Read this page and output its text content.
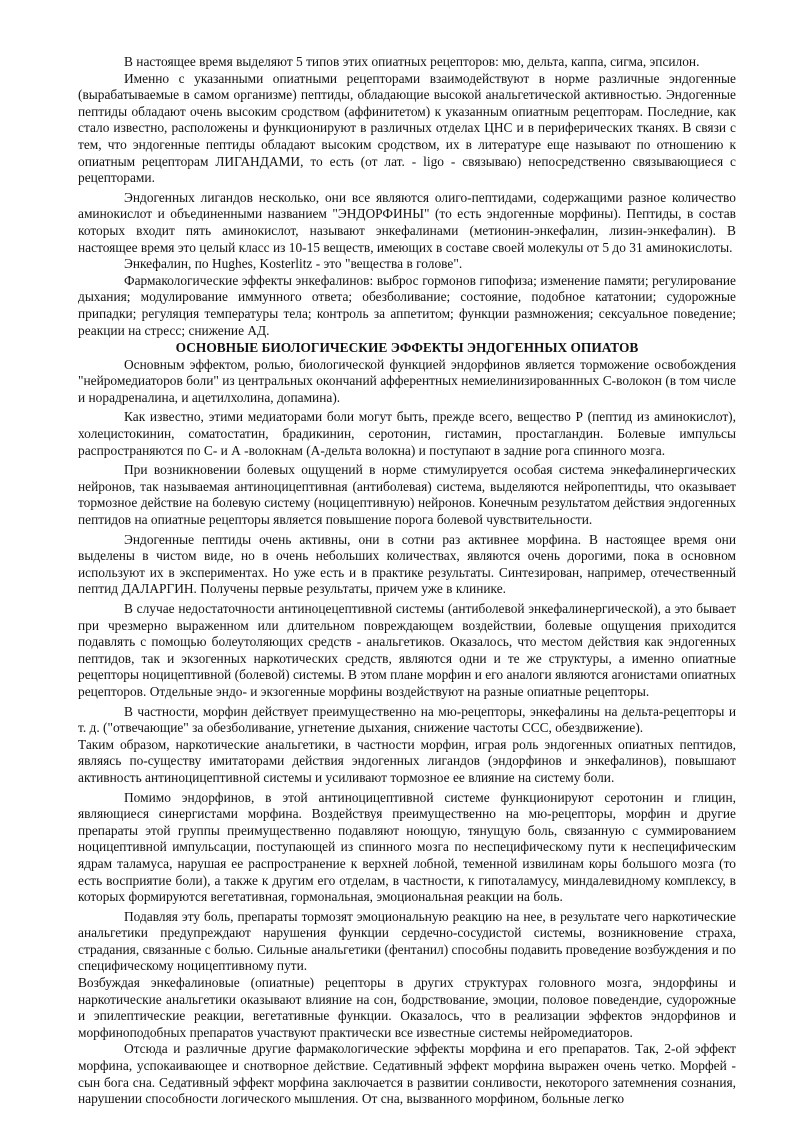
В настоящее время выделяют 5 типов этих опиатных рецепторов: мю, дельта, каппа, сигма, эпсилон.

Именно с указанными опиатными рецепторами взаимодействуют в норме различные эндогенные (вырабатываемые в самом организме) пептиды, обладающие высокой анальгетической активностью. Эндогенные пептиды обладают очень высоким сродством (аффинитетом) к указанным опиатным рецепторам. Последние, как стало известно, расположены и функционируют в различных отделах ЦНС и в периферических тканях. В связи с тем, что эндогенные пептиды обладают высоким сродством, их в литературе еще называют по отношению к опиатным рецепторам ЛИГАНДАМИ, то есть (от лат. - ligo - связываю) непосредственно связывающиеся с рецепторами.

Эндогенных лигандов несколько, они все являются олиго-пептидами, содержащими разное количество аминокислот и объединенными названием "ЭНДОРФИНЫ" (то есть эндогенные морфины). Пептиды, в состав которых входит пять аминокислот, называют энкефалинами (метионин-энкефалин, лизин-энкефалин). В настоящее время это целый класс из 10-15 веществ, имеющих в составе своей молекулы от 5 до 31 аминокислоты.

Энкефалин, по Hughes, Kosterlitz - это "вещества в голове".

Фармакологические эффекты энкефалинов: выброс гормонов гипофиза; изменение памяти; регулирование дыхания; модулирование иммунного ответа; обезболивание; состояние, подобное кататонии; судорожные припадки; регуляция температуры тела; контроль за аппетитом; функции размножения; сексуальное поведение; реакции на стресс; снижение АД.

ОСНОВНЫЕ БИОЛОГИЧЕСКИЕ ЭФФЕКТЫ ЭНДОГЕННЫХ ОПИАТОВ

Основным эффектом, ролью, биологической функцией эндорфинов является торможение освобождения "нейромедиаторов боли" из центральных окончаний афферентных немиелинизированнных С-волокон (в том числе и норадреналина, и ацетилхолина, допамина).

Как известно, этими медиаторами боли могут быть, прежде всего, вещество Р (пептид из аминокислот), холецистокинин, соматостатин, брадикинин, серотонин, гистамин, простагландин. Болевые импульсы распространяются по С- и А -волокнам (А-дельта волокна) и поступают в задние рога спинного мозга.

При возникновении болевых ощущений в норме стимулируется особая система энкефалинергических нейронов, так называемая антиноцицептивная (антиболевая) система, выделяются нейропептиды, что оказывает тормозное действие на болевую систему (ноцицептивную) нейронов. Конечным результатом действия эндогенных пептидов на опиатные рецепторы является повышение порога болевой чувствительности.

Эндогенные пептиды очень активны, они в сотни раз активнее морфина. В настоящее время они выделены в чистом виде, но в очень небольших количествах, являются очень дорогими, пока в основном используют их в экспериментах. Но уже есть и в практике результаты. Синтезирован, например, отечественный пептид ДАЛАРГИН. Получены первые результаты, причем уже в клинике.

В случае недостаточности антиноцецептивной системы (антиболевой энкефалинергической), а это бывает при чрезмерно выраженном или длительном повреждающем воздействии, болевые ощущения приходится подавлять с помощью болеутоляющих средств - анальгетиков. Оказалось, что местом действия как эндогенных пептидов, так и экзогенных наркотических средств, являются одни и те же структуры, а именно опиатные рецепторы ноцицептивной (болевой) системы. В этом плане морфин и его аналоги являются агонистами опиатных рецепторов. Отдельные эндо- и экзогенные морфины воздействуют на разные опиатные рецепторы.

В частности, морфин действует преимущественно на мю-рецепторы, энкефалины на дельта-рецепторы и т. д. ("отвечающие" за обезболивание, угнетение дыхания, снижение частоты ССС, обездвижение).

Таким образом, наркотические анальгетики, в частности морфин, играя роль эндогенных опиатных пептидов, являясь по-существу имитаторами действия эндогенных лигандов (эндорфинов и энкефалинов), повышают активность антиноцицептивной системы и усиливают тормозное ее влияние на систему боли.

Помимо эндорфинов, в этой антиноцицептивной системе функционируют серотонин и глицин, являющиеся синергистами морфина. Воздействуя преимущественно на мю-рецепторы, морфин и другие препараты этой группы преимущественно подавляют ноющую, тянущую боль, связанную с суммированием ноцицептивной импульсации, поступающей из спинного мозга по неспецифическому пути к неспецифическим ядрам таламуса, нарушая ее распространение к верхней лобной, теменной извилинам коры большого мозга (то есть восприятие боли), а также к другим его отделам, в частности, к гипоталамусу, миндалевидному комплексу, в которых формируются вегетативная, гормональная, эмоциональная реакции на боль.

Подавляя эту боль, препараты тормозят эмоциональную реакцию на нее, в результате чего наркотические анальгетики предупреждают нарушения функции сердечно-сосудистой системы, возникновение страха, страдания, связанные с болью. Сильные анальгетики (фентанил) способны подавить проведение возбуждения и по специфическому ноцицептивному пути.

Возбуждая энкефалиновые (опиатные) рецепторы в других структурах головного мозга, эндорфины и наркотические анальгетики оказывают влияние на сон, бодрствование, эмоции, половое поведендие, судорожные и эпилептические реакции, вегетативные функции. Оказалось, что в реализации эффектов эндорфинов и морфиноподобных препаратов участвуют практически все известные системы нейромедиаторов.

Отсюда и различные другие фармакологические эффекты морфина и его препаратов. Так, 2-ой эффект морфина, успокаивающее и снотворное действие. Седативный эффект морфина выражен очень четко. Морфей - сын бога сна. Седативный эффект морфина заключается в развитии сонливости, некоторого затемнения сознания, нарушении способности логического мышления. От сна, вызванного морфином, больные легко
